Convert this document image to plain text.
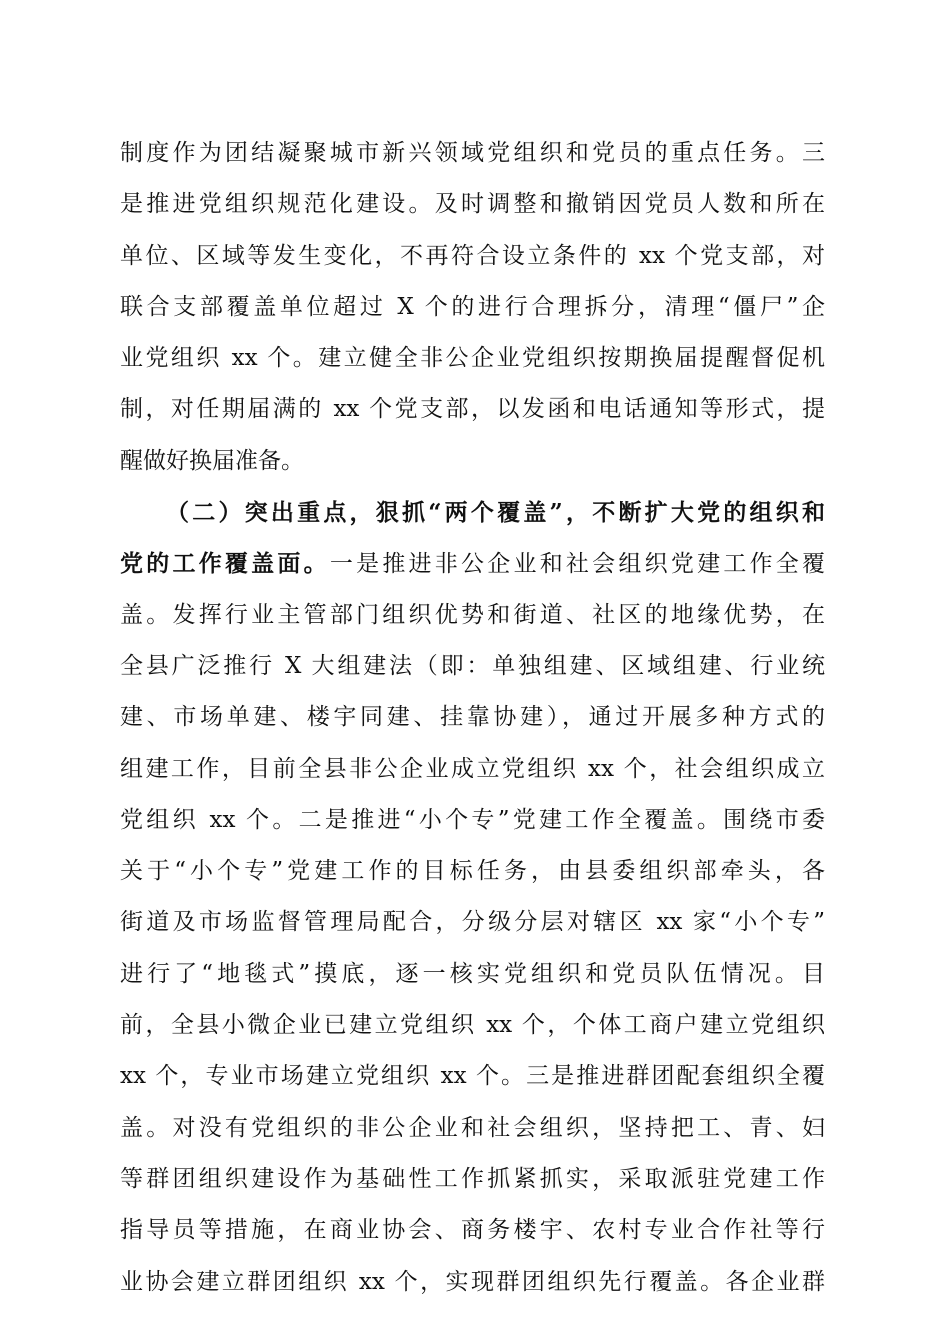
制度作为团结凝聚城市新兴领域党组织和党员的重点任务。三
是推进党组织规范化建设。及时调整和撤销因党员人数和所在
单位、区域等发生变化，不再符合设立条件的 xx 个党支部，对
联合支部覆盖单位超过 X 个的进行合理拆分，清理“僵尸”企
业党组织 xx 个。建立健全非公企业党组织按期换届提醒督促机
制，对任期届满的 xx 个党支部，以发函和电话通知等形式，提
醒做好换届准备。
（二）突出重点，狠抓“两个覆盖”，不断扩大党的组织和
党的工作覆盖面。一是推进非公企业和社会组织党建工作全覆
盖。发挥行业主管部门组织优势和街道、社区的地缘优势，在
全县广泛推行 X 大组建法（即：单独组建、区域组建、行业统
建、市场单建、楼宇同建、挂靠协建），通过开展多种方式的
组建工作，目前全县非公企业成立党组织 xx 个，社会组织成立
党组织 xx 个。二是推进“小个专”党建工作全覆盖。围绕市委
关于“小个专”党建工作的目标任务，由县委组织部牵头，各
街道及市场监督管理局配合，分级分层对辖区 xx 家“小个专”
进行了“地毯式”摸底，逐一核实党组织和党员队伍情况。目
前，全县小微企业已建立党组织 xx 个，个体工商户建立党组织
xx 个，专业市场建立党组织 xx 个。三是推进群团配套组织全覆
盖。对没有党组织的非公企业和社会组织，坚持把工、青、妇
等群团组织建设作为基础性工作抓紧抓实，采取派驻党建工作
指导员等措施，在商业协会、商务楼宇、农村专业合作社等行
业协会建立群团组织 xx 个，实现群团组织先行覆盖。各企业群
